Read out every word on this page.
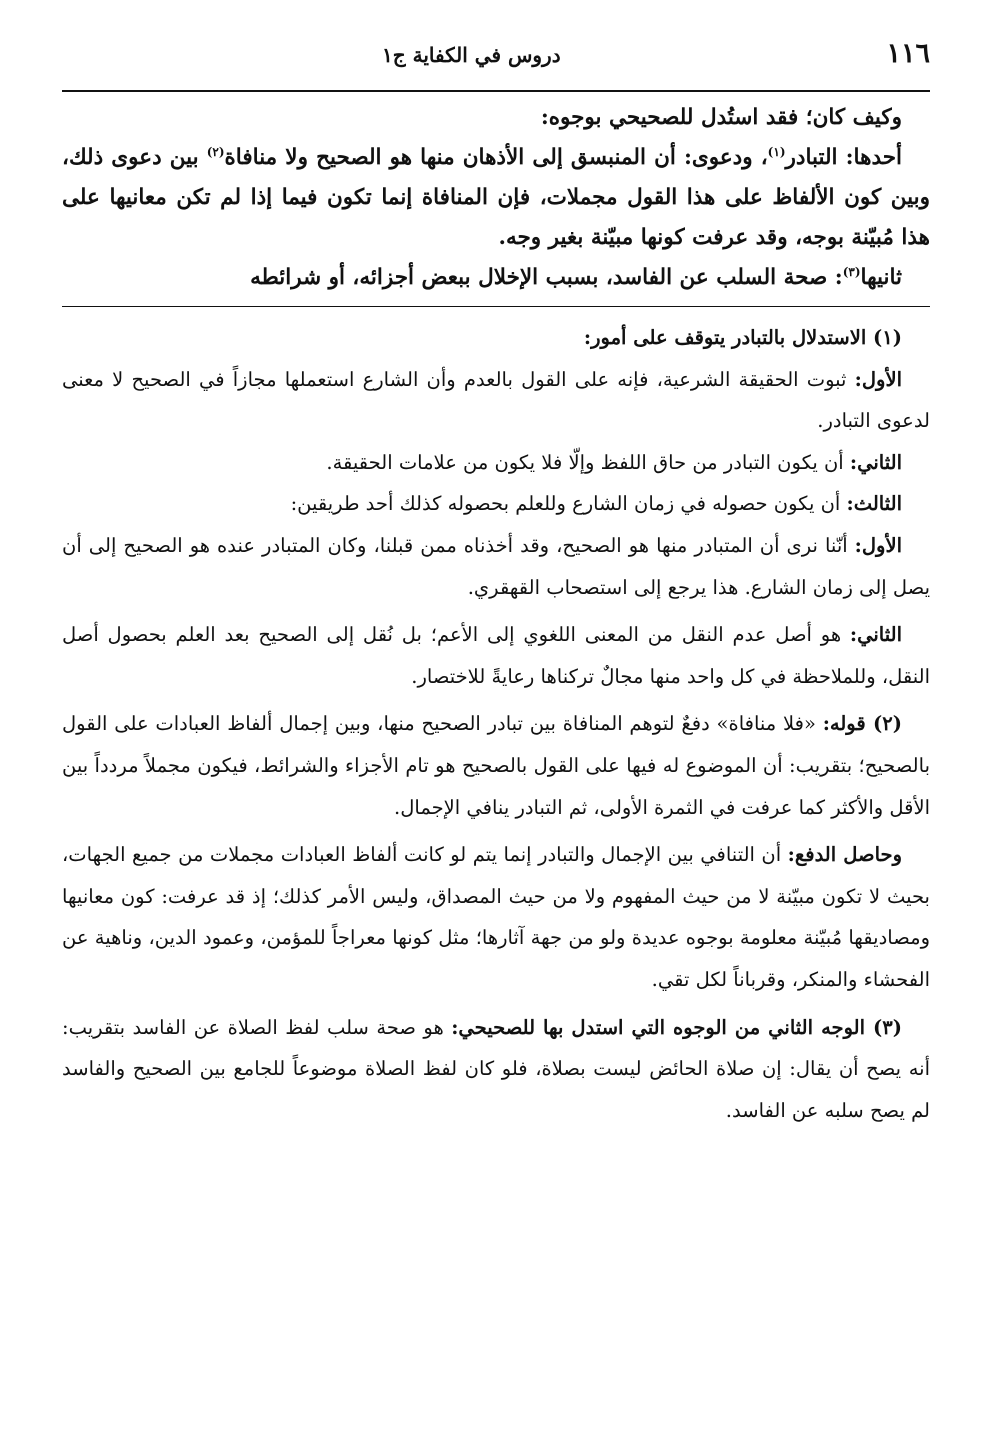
١١٦
دروس في الكفاية ج١

وكيف كان؛ فقد استُدل للصحيحي بوجوه:

أحدها: التبادر$^{(١)}$، ودعوى: أن المنبسق إلى الأذهان منها هو الصحيح ولا منافاة$^{(٢)}$ بين دعوى ذلك، وبين كون الألفاظ على هذا القول مجملات، فإن المنافاة إنما تكون فيما إذا لم تكن معانيها على هذا مُبيّنة بوجه، وقد عرفت كونها مبيّنة بغير وجه.

ثانيها$^{(٣)}$: صحة السلب عن الفاسد، بسبب الإخلال ببعض أجزائه، أو شرائطه

(١) الاستدلال بالتبادر يتوقف على أمور:

الأول: ثبوت الحقيقة الشرعية، فإنه على القول بالعدم وأن الشارع استعملها مجازاً في الصحيح لا معنى لدعوى التبادر.

الثاني: أن يكون التبادر من حاق اللفظ وإلّا فلا يكون من علامات الحقيقة.

الثالث: أن يكون حصوله في زمان الشارع وللعلم بحصوله كذلك أحد طريقين:

الأول: أنّنا نرى أن المتبادر منها هو الصحيح، وقد أخذناه ممن قبلنا، وكان المتبادر عنده هو الصحيح إلى أن يصل إلى زمان الشارع. هذا يرجع إلى استصحاب القهقري.

الثاني: هو أصل عدم النقل من المعنى اللغوي إلى الأعم؛ بل نُقل إلى الصحيح بعد العلم بحصول أصل النقل، وللملاحظة في كل واحد منها مجالٌ تركناها رعايةً للاختصار.

(٢) قوله: «فلا منافاة» دفعٌ لتوهم المنافاة بين تبادر الصحيح منها، وبين إجمال ألفاظ العبادات على القول بالصحيح؛ بتقريب: أن الموضوع له فيها على القول بالصحيح هو تام الأجزاء والشرائط، فيكون مجملاً مردداً بين الأقل والأكثر كما عرفت في الثمرة الأولى، ثم التبادر ينافي الإجمال.

وحاصل الدفع: أن التنافي بين الإجمال والتبادر إنما يتم لو كانت ألفاظ العبادات مجملات من جميع الجهات، بحيث لا تكون مبيّنة لا من حيث المفهوم ولا من حيث المصداق، وليس الأمر كذلك؛ إذ قد عرفت: كون معانيها ومصاديقها مُبيّنة معلومة بوجوه عديدة ولو من جهة آثارها؛ مثل كونها معراجاً للمؤمن، وعمود الدين، وناهية عن الفحشاء والمنكر، وقرباناً لكل تقي.

(٣) الوجه الثاني من الوجوه التي استدل بها للصحيحي: هو صحة سلب لفظ الصلاة عن الفاسد بتقريب: أنه يصح أن يقال: إن صلاة الحائض ليست بصلاة، فلو كان لفظ الصلاة موضوعاً للجامع بين الصحيح والفاسد لم يصح سلبه عن الفاسد.
